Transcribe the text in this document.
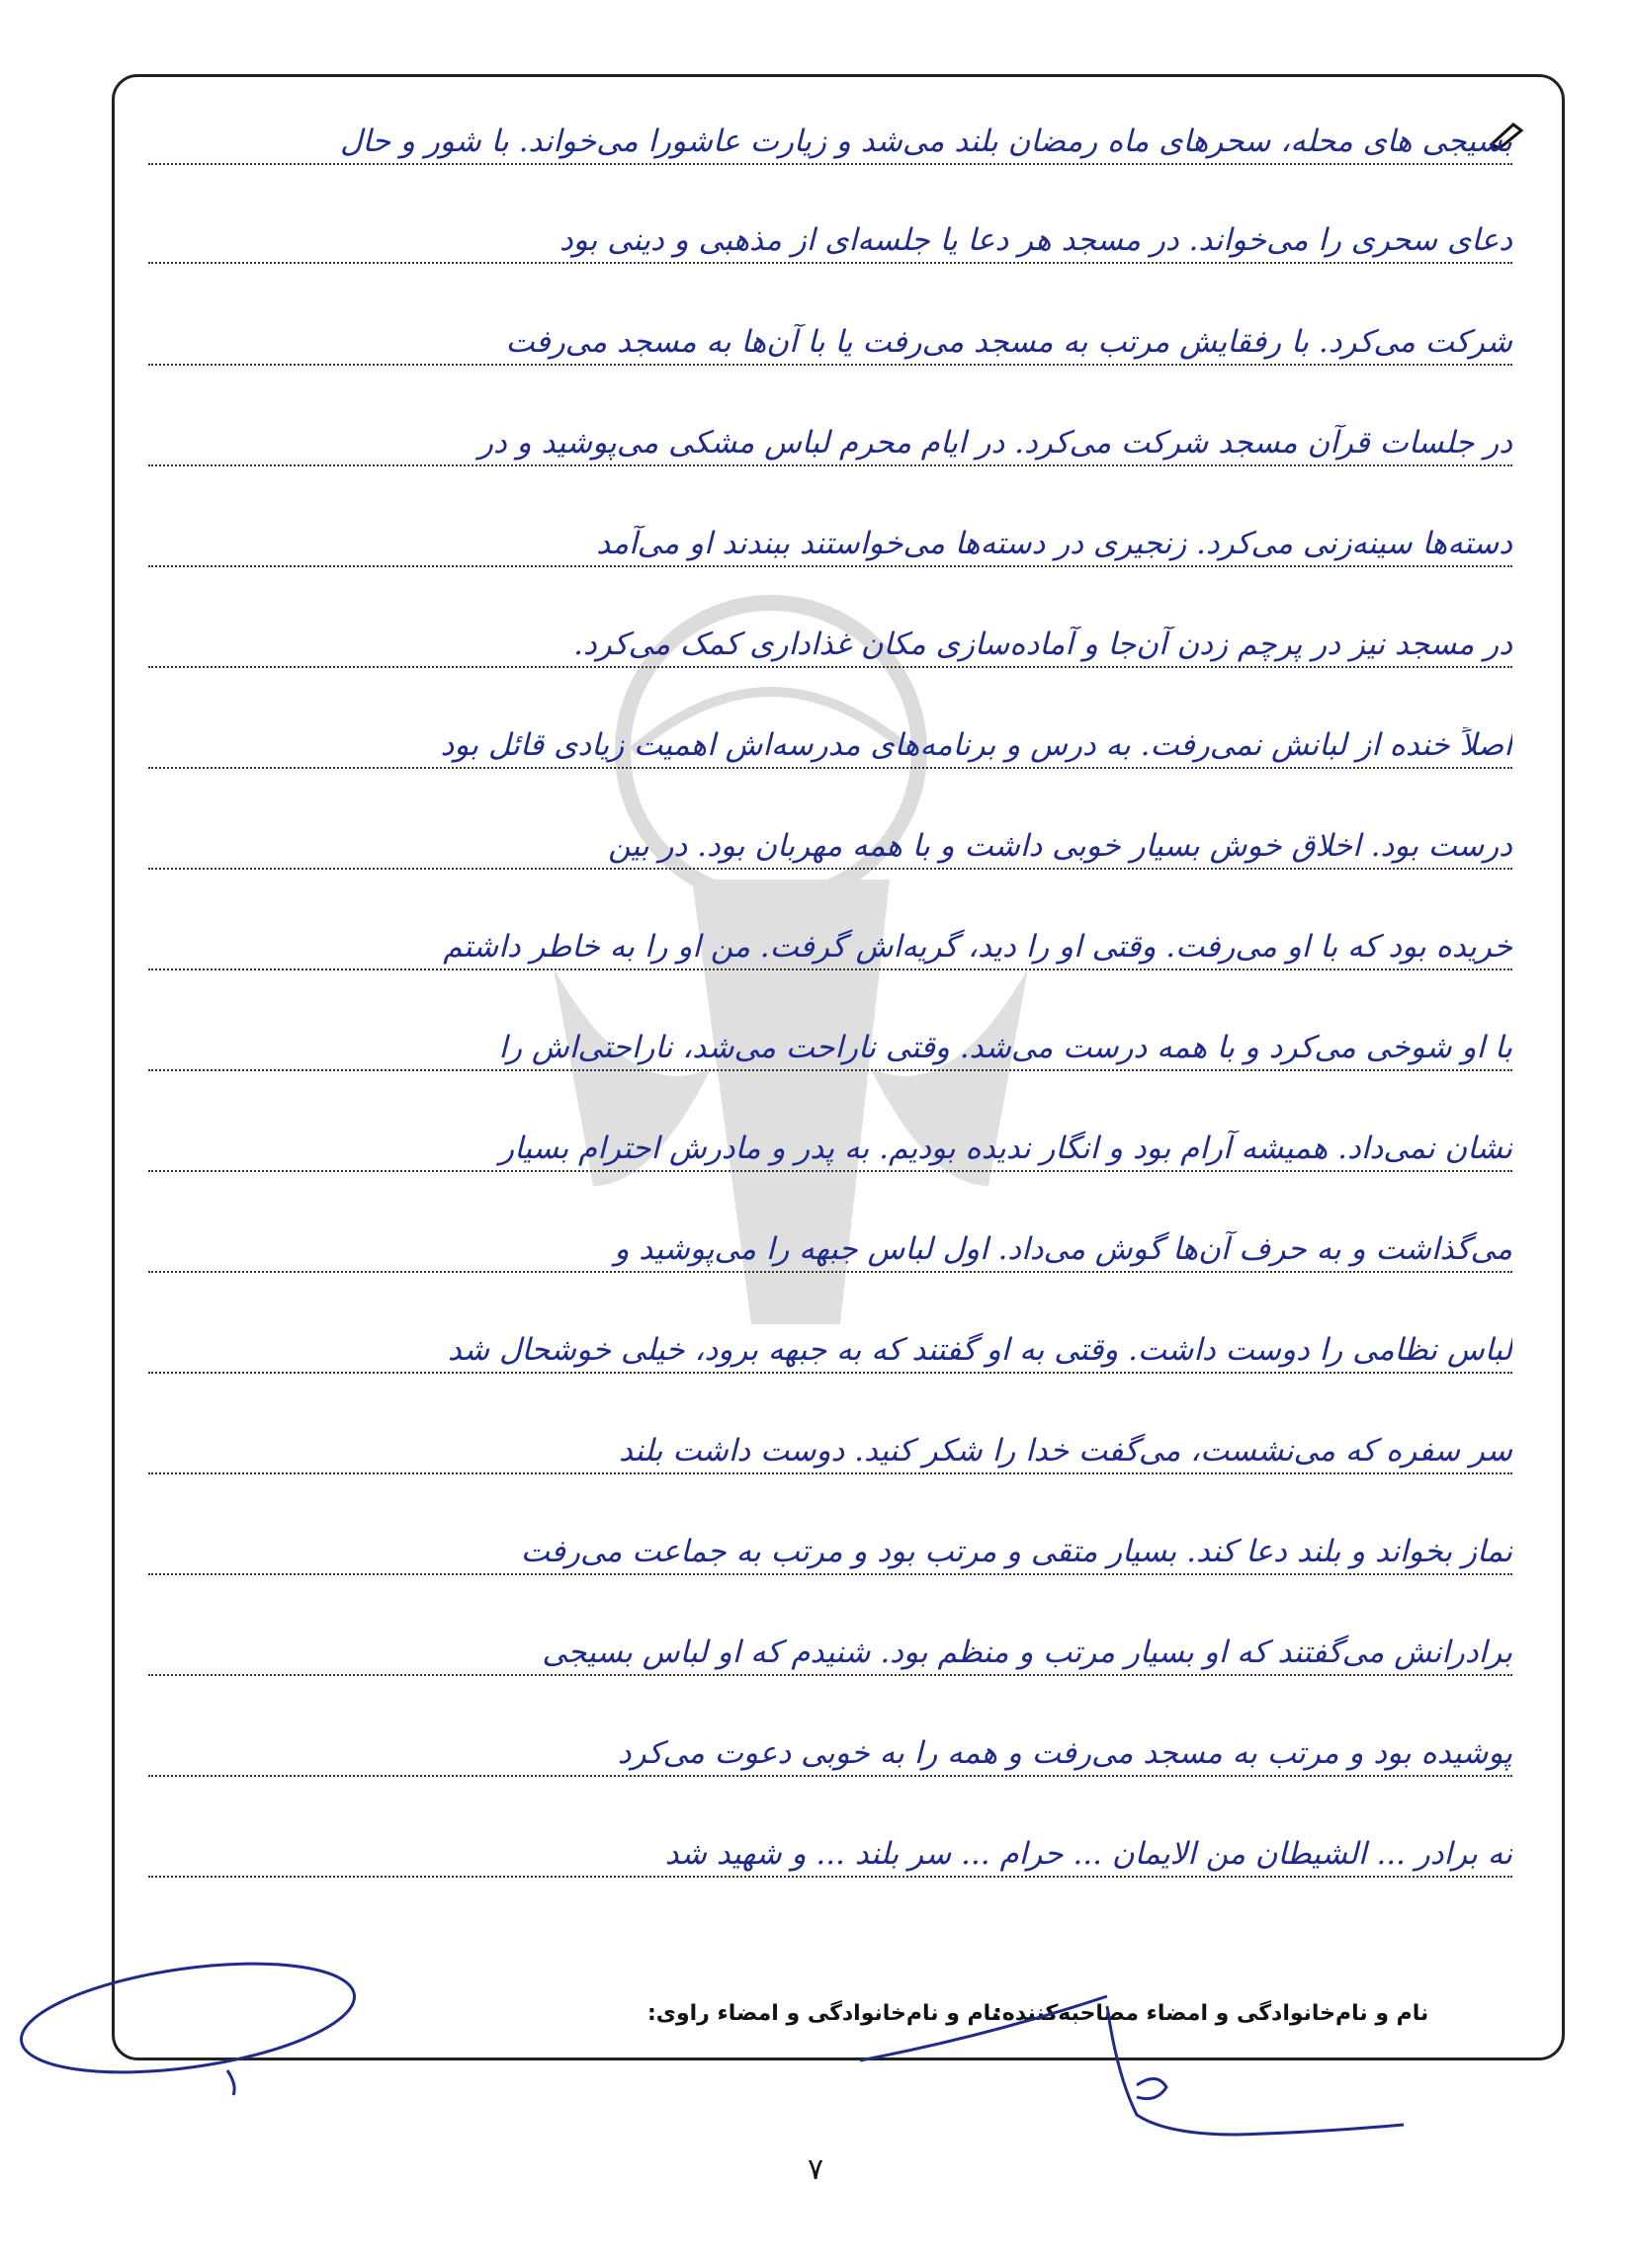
بسیجی های محله، سحرهای ماه رمضان بلند می‌شد و زیارت عاشورا می‌خواند. با شور و حال
دعای سحری را می‌خواند. در مسجد هر دعا یا جلسه‌ای از مذهبی و دینی بود
شرکت می‌کرد. با رفقایش مرتب به مسجد می‌رفت یا با آن‌ها به مسجد می‌رفت
در جلسات قرآن مسجد شرکت می‌کرد. در ایام محرم لباس مشکی می‌پوشید و در
دسته‌ها سینه‌زنی می‌کرد. زنجیری در دسته‌ها می‌خواستند ببندند او می‌آمد
در مسجد نیز در پرچم زدن آن‌جا و آماده‌سازی مکان غذاداری کمک می‌کرد.
اصلاً خنده از لبانش نمی‌رفت. به درس و برنامه‌های مدرسه‌اش اهمیت زیادی قائل بود
درست بود. اخلاق خوش بسیار خوبی داشت و با همه مهربان بود. در بین
خریده بود که با او می‌رفت. وقتی او را دید، گریه‌اش گرفت. من او را به خاطر داشتم
با او شوخی می‌کرد و با همه درست می‌شد. وقتی ناراحت می‌شد، ناراحتی‌اش را
نشان نمی‌داد. همیشه آرام بود و انگار ندیده بودیم. به پدر و مادرش احترام بسیار
می‌گذاشت و به حرف آن‌ها گوش می‌داد. اول لباس جبهه را می‌پوشید و
لباس نظامی را دوست داشت. وقتی به او گفتند که به جبهه برود، خیلی خوشحال شد
سر سفره که می‌نشست، می‌گفت خدا را شکر کنید. دوست داشت بلند
نماز بخواند و بلند دعا کند. بسیار متقی و مرتب بود و مرتب به جماعت می‌رفت
برادرانش می‌گفتند که او بسیار مرتب و منظم بود. شنیدم که او لباس بسیجی
پوشیده بود و مرتب به مسجد می‌رفت و همه را به خوبی دعوت می‌کرد
نه برادر ... الشیطان من الایمان ... حرام ... سر بلند ... و شهید شد
نام و نام‌خانوادگی و امضاء مصاحبه‌کننده:
نام و نام‌خانوادگی و امضاء راوی:
۷
